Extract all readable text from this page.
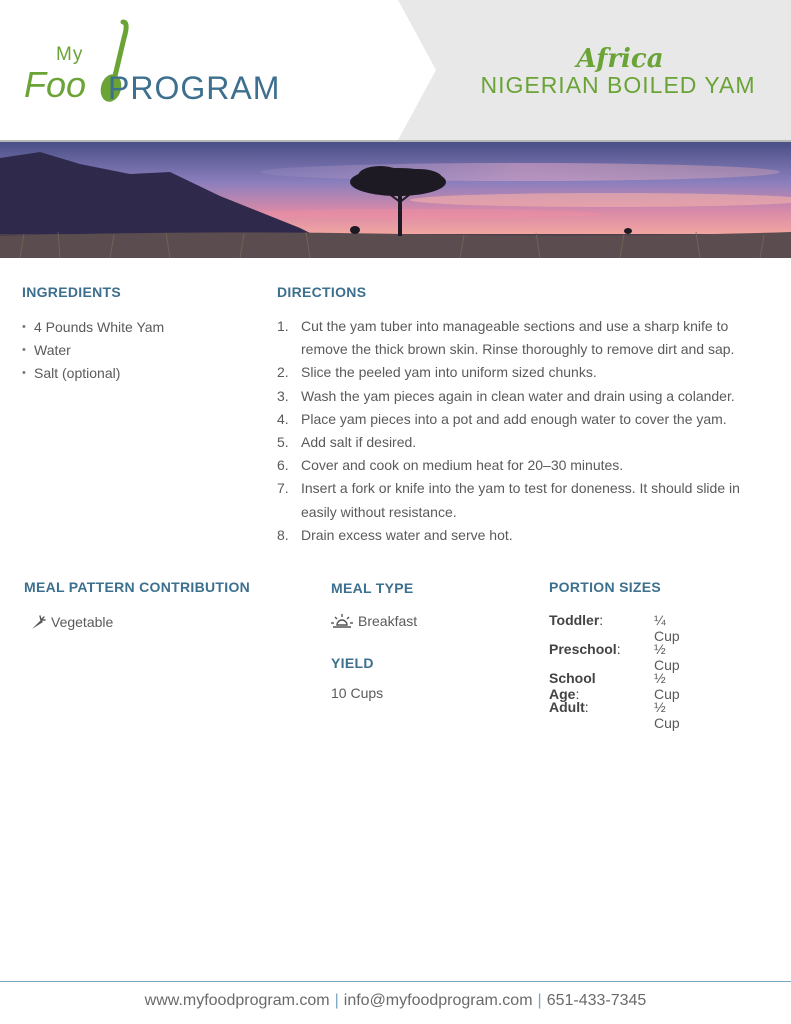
My
Foo PROGRAM
Africa
NIGERIAN BOILED YAM
INGREDIENTS
• 4 Pounds White Yam
• Water
• Salt (optional)
DIRECTIONS
1. Cut the yam tuber into manageable sections and use a sharp knife to remove the thick brown skin. Rinse thoroughly to remove dirt and sap.
2. Slice the peeled yam into uniform sized chunks.
3. Wash the yam pieces again in clean water and drain using a colander.
4. Place yam pieces into a pot and add enough water to cover the yam.
5. Add salt if desired.
6. Cover and cook on medium heat for 20–30 minutes.
7. Insert a fork or knife into the yam to test for doneness. It should slide in easily without resistance.
8. Drain excess water and serve hot.
MEAL PATTERN CONTRIBUTION
Vegetable
MEAL TYPE
Breakfast
YIELD
10 Cups
PORTION SIZES
Toddler:	¼ Cup
Preschool: ½ Cup
School Age:
½ Cup
Adult:	½ Cup
www.myfoodprogram.com | info@myfoodprogram.com | 651-433-7345
